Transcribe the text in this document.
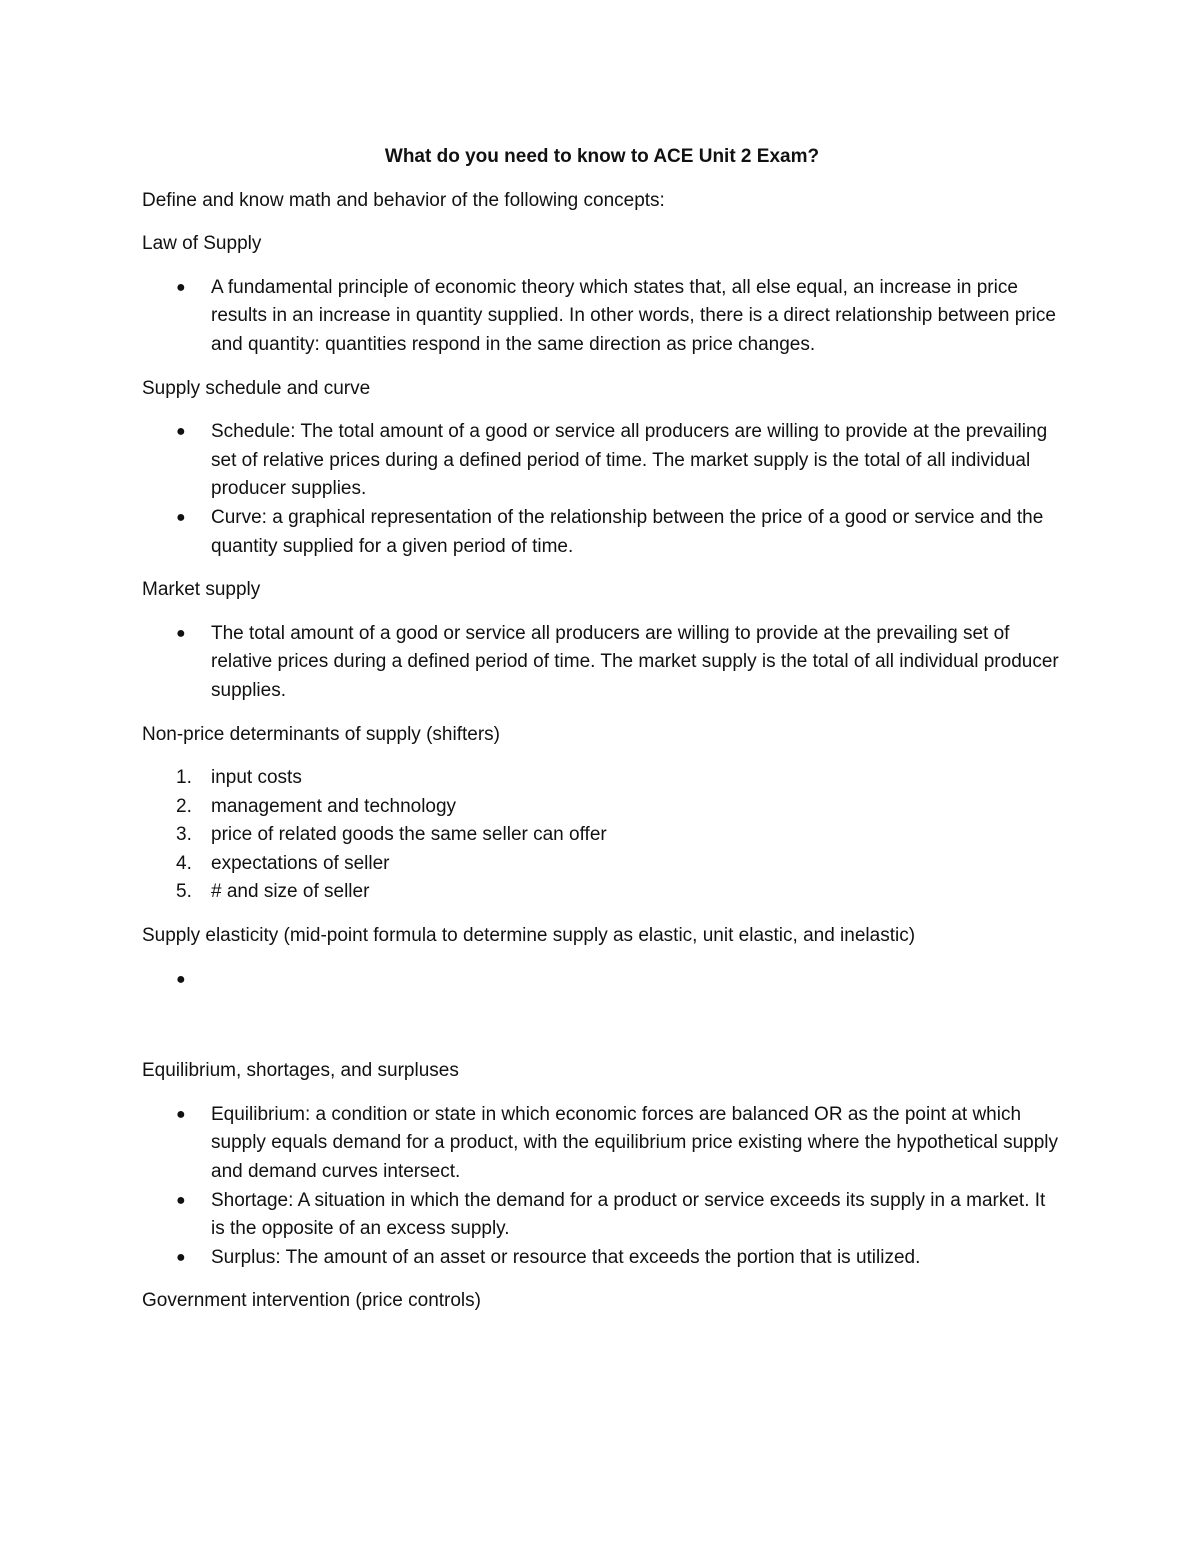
What do you need to know to ACE Unit 2 Exam?

Define and know math and behavior of the following concepts:

Law of Supply

● A fundamental principle of economic theory which states that, all else equal, an increase in price results in an increase in quantity supplied. In other words, there is a direct relationship between price and quantity: quantities respond in the same direction as price changes.

Supply schedule and curve

● Schedule: The total amount of a good or service all producers are willing to provide at the prevailing set of relative prices during a defined period of time. The market supply is the total of all individual producer supplies.
● Curve: a graphical representation of the relationship between the price of a good or service and the quantity supplied for a given period of time.

Market supply

● The total amount of a good or service all producers are willing to provide at the prevailing set of relative prices during a defined period of time. The market supply is the total of all individual producer supplies.

Non-price determinants of supply (shifters)

1. input costs
2. management and technology
3. price of related goods the same seller can offer
4. expectations of seller
5. # and size of seller

Supply elasticity (mid-point formula to determine supply as elastic, unit elastic, and inelastic)

●

Equilibrium, shortages, and surpluses

● Equilibrium: a condition or state in which economic forces are balanced OR as the point at which supply equals demand for a product, with the equilibrium price existing where the hypothetical supply and demand curves intersect.
● Shortage: A situation in which the demand for a product or service exceeds its supply in a market. It is the opposite of an excess supply.
● Surplus: The amount of an asset or resource that exceeds the portion that is utilized.

Government intervention (price controls)
